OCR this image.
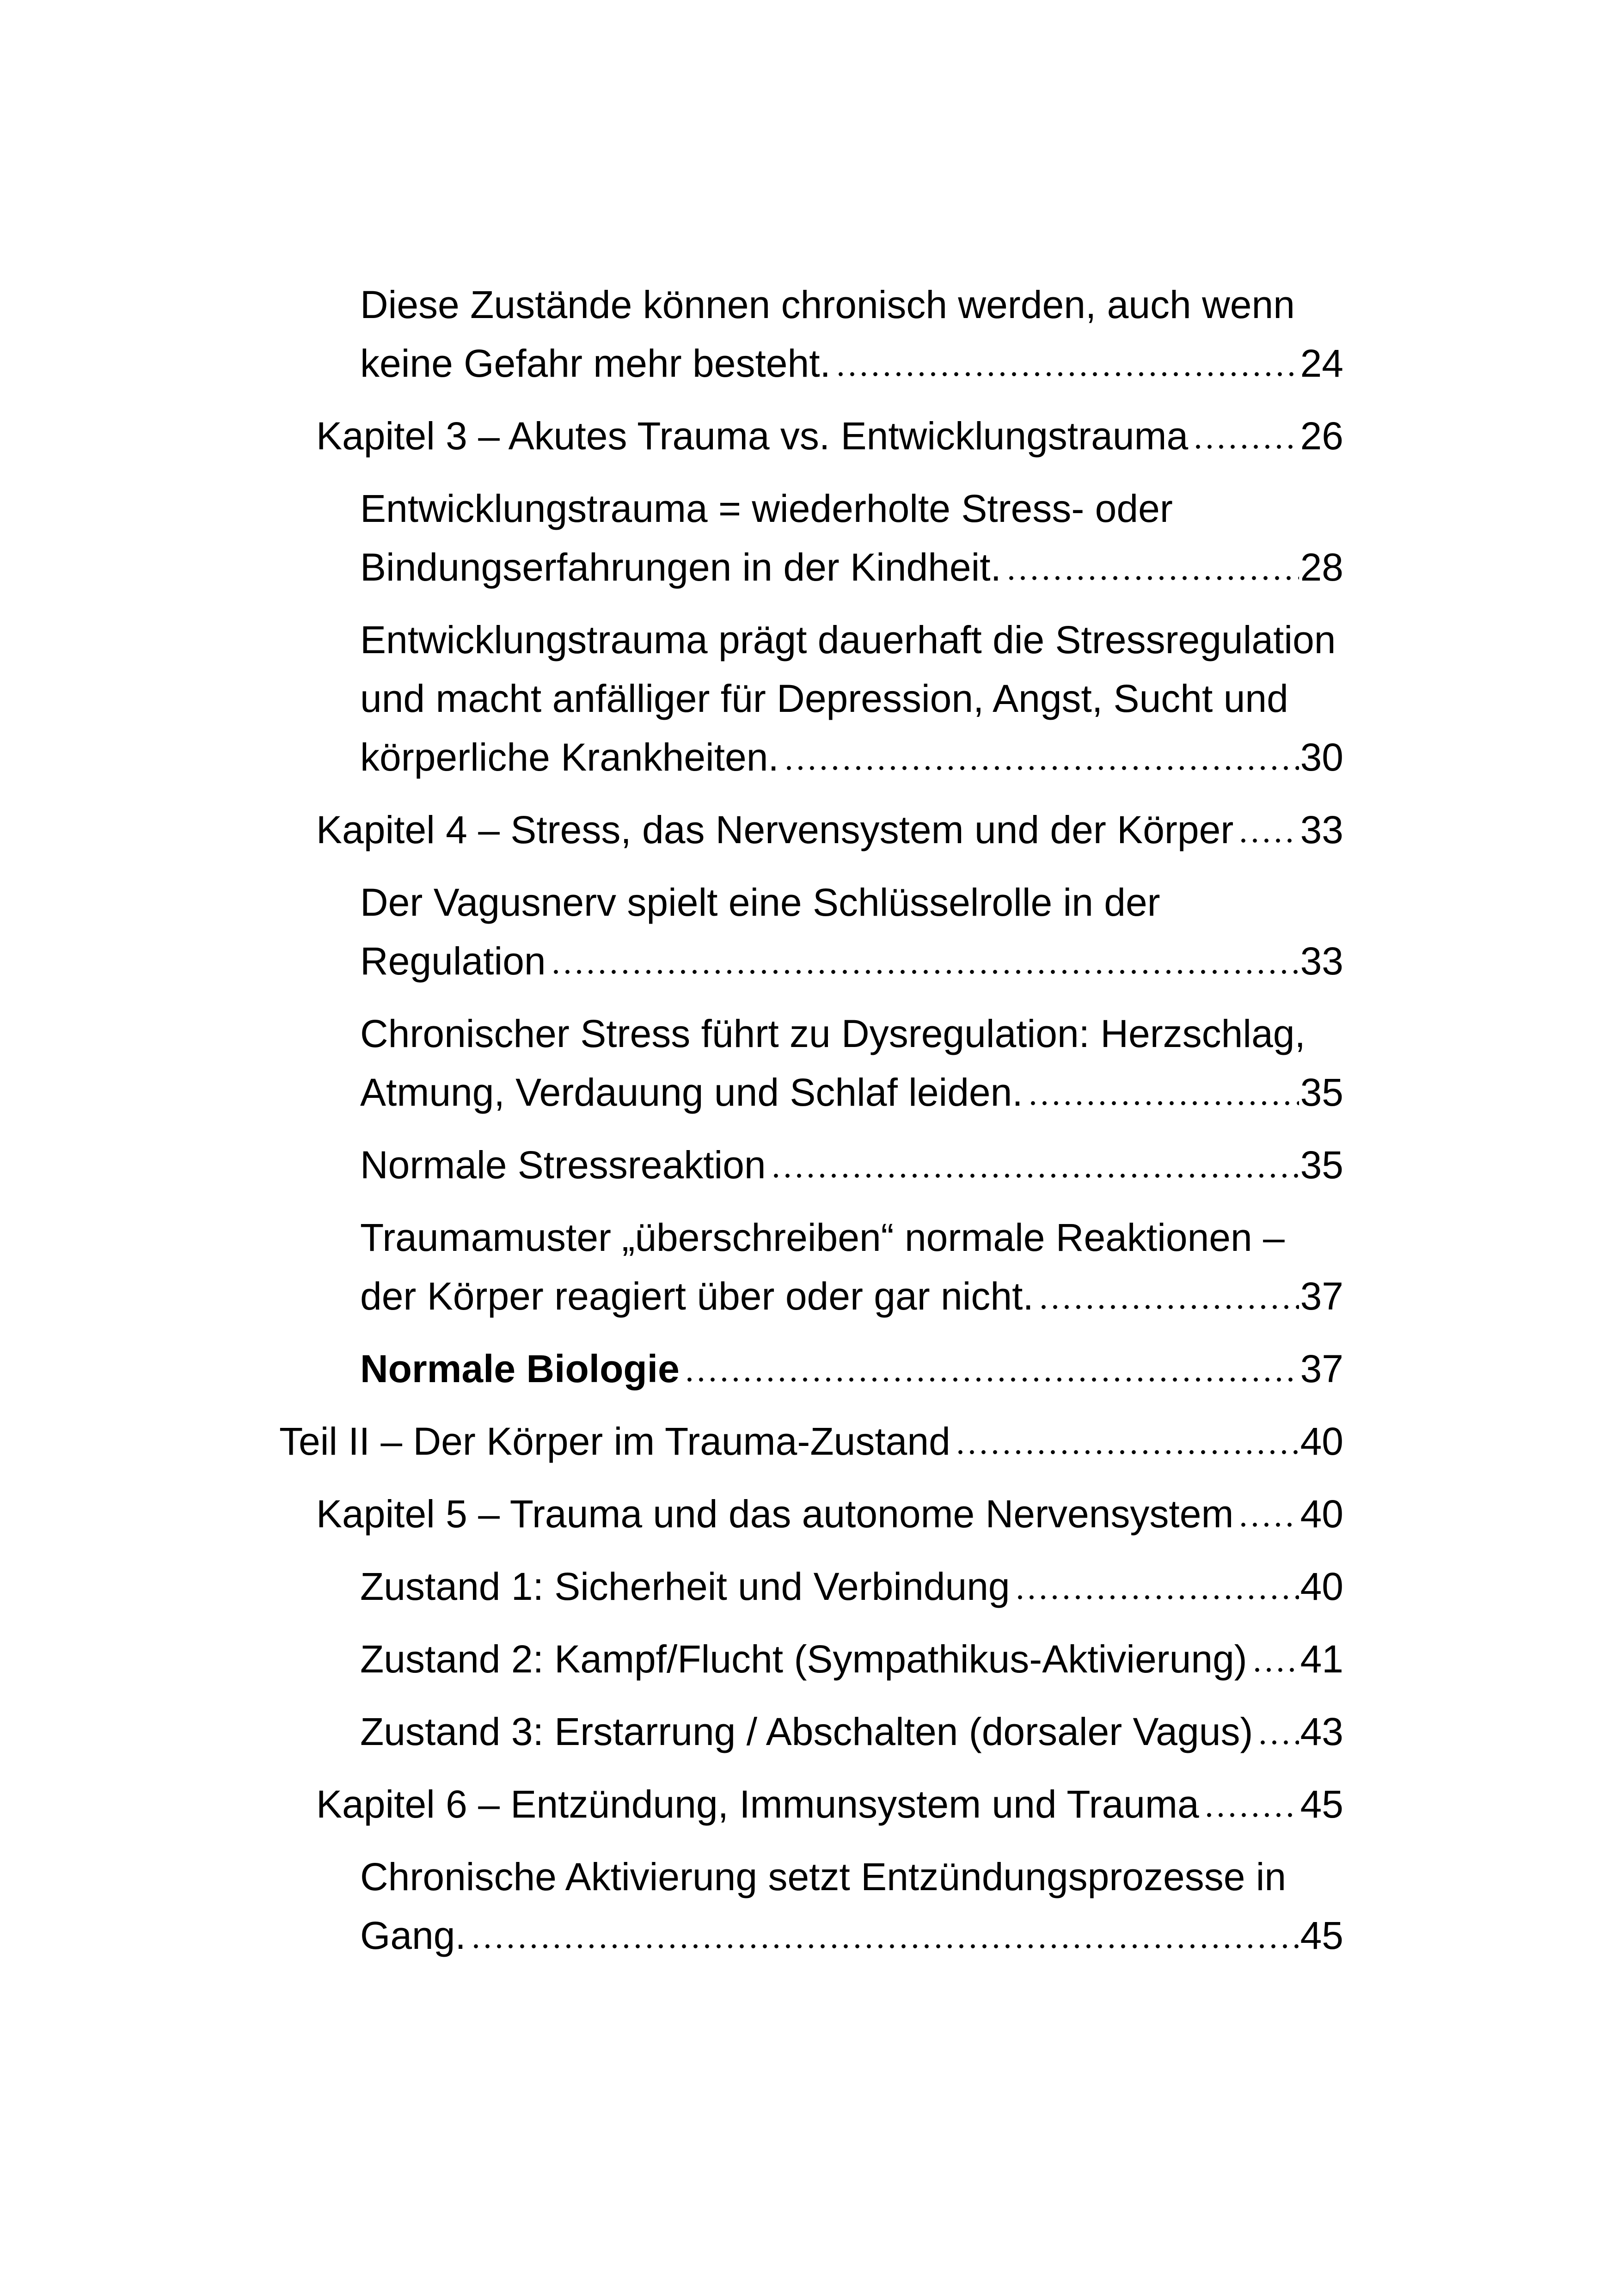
Diese Zustände können chronisch werden, auch wenn
keine Gefahr mehr besteht.	24
Kapitel 3 – Akutes Trauma vs. Entwicklungstrauma	26
Entwicklungstrauma = wiederholte Stress- oder
Bindungserfahrungen in der Kindheit.	28
Entwicklungstrauma prägt dauerhaft die Stressregulation
und macht anfälliger für Depression, Angst, Sucht und
körperliche Krankheiten.	30
Kapitel 4 – Stress, das Nervensystem und der Körper 33
Der Vagusnerv spielt eine Schlüsselrolle in der
Regulation	33
Chronischer Stress führt zu Dysregulation: Herzschlag,
Atmung, Verdauung und Schlaf leiden.	35
Normale Stressreaktion	35
Traumamuster „überschreiben“ normale Reaktionen –
der Körper reagiert über oder gar nicht.	37
Normale Biologie	37
Teil II – Der Körper im Trauma-Zustand	40
Kapitel 5 – Trauma und das autonome Nervensystem 40
Zustand 1: Sicherheit und Verbindung	40
Zustand 2: Kampf/Flucht (Sympathikus-Aktivierung) 41
Zustand 3: Erstarrung / Abschalten (dorsaler Vagus) 43
Kapitel 6 – Entzündung, Immunsystem und Trauma	45
Chronische Aktivierung setzt Entzündungsprozesse in
Gang.	45
